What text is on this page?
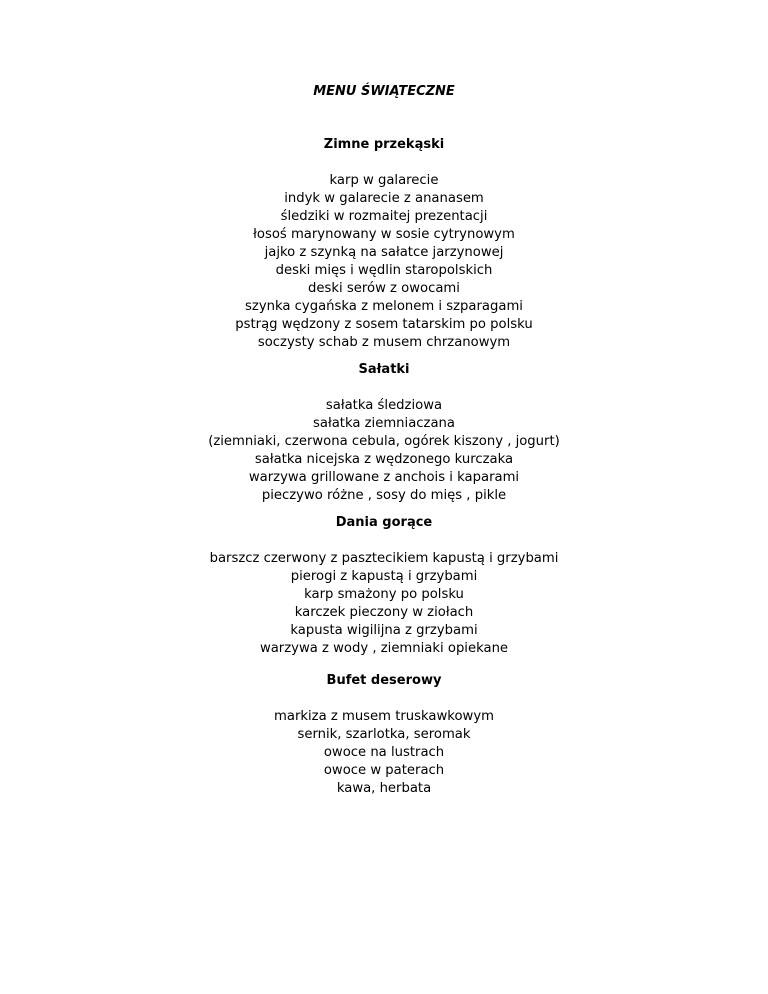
MENU ŚWIĄTECZNE

Zimne przekąski

karp w galarecie
indyk w galarecie z ananasem
śledziki w rozmaitej prezentacji
łosoś marynowany w sosie cytrynowym
jajko z szynką na sałatce jarzynowej
deski mięs i wędlin staropolskich
deski serów z owocami
szynka cygańska z melonem i szparagami
pstrąg wędzony z sosem tatarskim po polsku
soczysty schab z musem chrzanowym

Sałatki

sałatka śledziowa
sałatka ziemniaczana
(ziemniaki, czerwona cebula, ogórek kiszony , jogurt)
sałatka nicejska z wędzonego kurczaka
warzywa grillowane z anchois i kaparami
pieczywo różne , sosy do mięs , pikle

Dania gorące

barszcz czerwony z pasztecikiem kapustą i grzybami
pierogi z kapustą i grzybami
karp smażony po polsku
karczek pieczony w ziołach
kapusta wigilijna z grzybami
warzywa z wody , ziemniaki opiekane

Bufet deserowy

markiza z musem truskawkowym
sernik, szarlotka, seromak
owoce na lustrach
owoce w paterach
kawa, herbata
